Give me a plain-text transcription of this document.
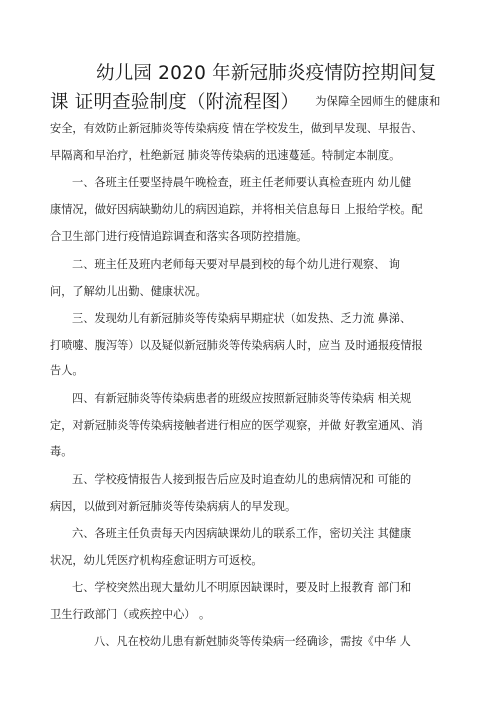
幼儿园 2020 年新冠肺炎疫情防控期间复
课 证明查验制度（附流程图） 为保障全园师生的健康和
安全，有效防止新冠肺炎等传染病疫 情在学校发生，做到早发现、早报告、
早隔离和早治疗，杜绝新冠 肺炎等传染病的迅速蔓延。特制定本制度。
一、各班主任要坚持晨午晚检查，班主任老师要认真检查班内 幼儿健
康情况，做好因病缺勤幼儿的病因追踪，并将相关信息每日 上报给学校。配
合卫生部门进行疫情追踪调查和落实各项防控措施。
二、班主任及班内老师每天要对早晨到校的每个幼儿进行观察、 询
问，了解幼儿出勤、健康状况。
三、发现幼儿有新冠肺炎等传染病早期症状（如发热、乏力流 鼻涕、
打喷嚏、腹泻等）以及疑似新冠肺炎等传染病病人时，应当 及时通报疫情报
告人。
四、有新冠肺炎等传染病患者的班级应按照新冠肺炎等传染病 相关规
定，对新冠肺炎等传染病接触者进行相应的医学观察，并做 好教室通风、消
毒。
五、学校疫情报告人接到报告后应及时追查幼儿的患病情况和 可能的
病因，以做到对新冠肺炎等传染病病人的早发现。
六、各班主任负责每天内因病缺课幼儿的联系工作，密切关注 其健康
状况，幼儿凭医疗机构痊愈证明方可返校。
七、学校突然出现大量幼儿不明原因缺课时，要及时上报教育 部门和
卫生行政部门（或疾控中心） 。
八、凡在校幼儿患有新尅肺炎等传染病一经确诊，需按《中华 人
